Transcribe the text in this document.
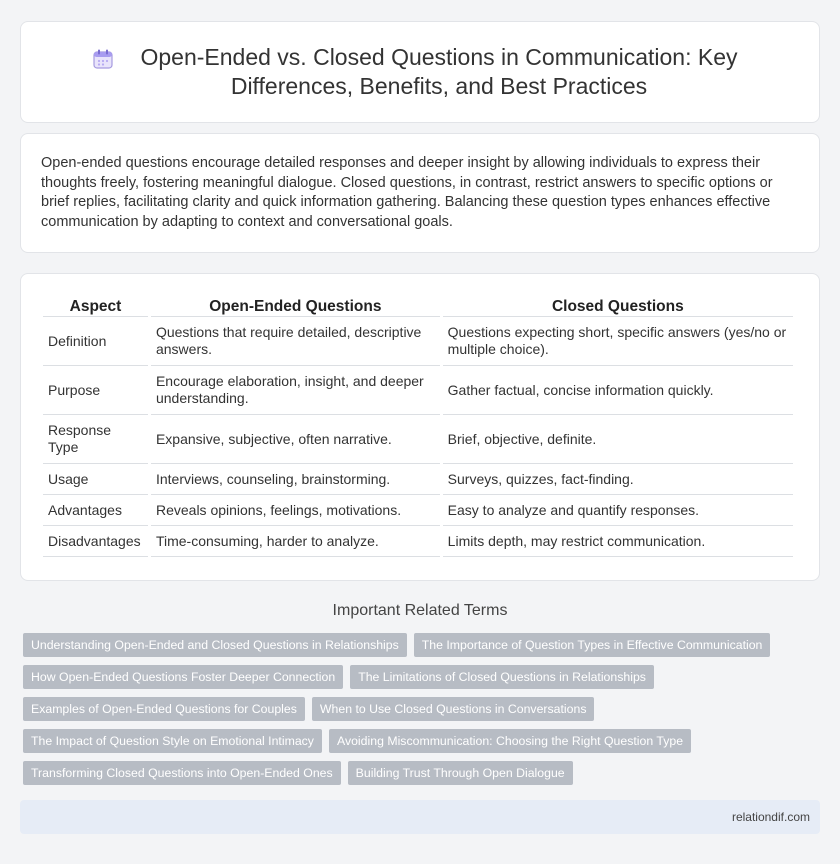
Open-Ended vs. Closed Questions in Communication: Key Differences, Benefits, and Best Practices

Open-ended questions encourage detailed responses and deeper insight by allowing individuals to express their thoughts freely, fostering meaningful dialogue. Closed questions, in contrast, restrict answers to specific options or brief replies, facilitating clarity and quick information gathering. Balancing these question types enhances effective communication by adapting to context and conversational goals.

Aspect	Open-Ended Questions	Closed Questions
Definition	Questions that require detailed, descriptive answers.	Questions expecting short, specific answers (yes/no or multiple choice).
Purpose	Encourage elaboration, insight, and deeper understanding.	Gather factual, concise information quickly.
Response Type	Expansive, subjective, often narrative.	Brief, objective, definite.
Usage	Interviews, counseling, brainstorming.	Surveys, quizzes, fact-finding.
Advantages	Reveals opinions, feelings, motivations.	Easy to analyze and quantify responses.
Disadvantages	Time-consuming, harder to analyze.	Limits depth, may restrict communication.
Important Related Terms
Understanding Open-Ended and Closed Questions in Relationships	The Importance of Question Types in Effective Communication
How Open-Ended Questions Foster Deeper Connection	The Limitations of Closed Questions in Relationships
Examples of Open-Ended Questions for Couples	When to Use Closed Questions in Conversations
The Impact of Question Style on Emotional Intimacy	Avoiding Miscommunication: Choosing the Right Question Type
Transforming Closed Questions into Open-Ended Ones	Building Trust Through Open Dialogue
relationdif.com
